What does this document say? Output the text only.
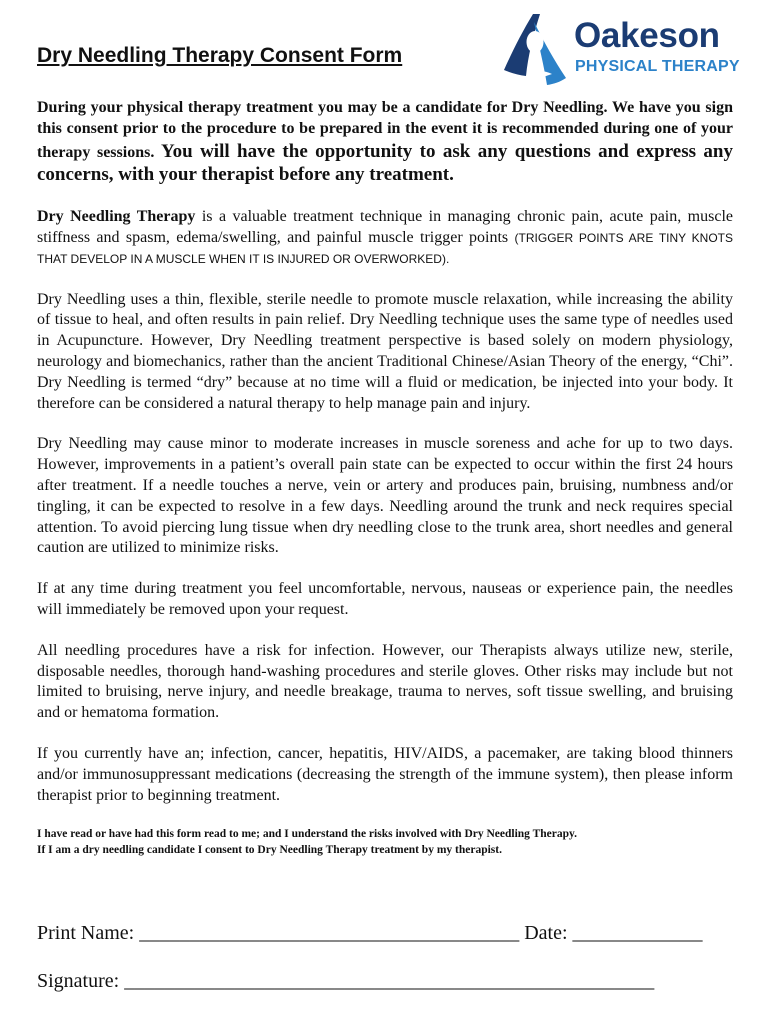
Dry Needling Therapy Consent Form
Oakeson
PHYSICAL THERAPY

During your physical therapy treatment you may be a candidate for Dry Needling. We have you sign this consent prior to the procedure to be prepared in the event it is recommended during one of your therapy sessions. You will have the opportunity to ask any questions and express any concerns, with your therapist before any treatment.

Dry Needling Therapy is a valuable treatment technique in managing chronic pain, acute pain, muscle stiffness and spasm, edema/swelling, and painful muscle trigger points (TRIGGER POINTS ARE TINY KNOTS THAT DEVELOP IN A MUSCLE WHEN IT IS INJURED OR OVERWORKED).

Dry Needling uses a thin, flexible, sterile needle to promote muscle relaxation, while increasing the ability of tissue to heal, and often results in pain relief. Dry Needling technique uses the same type of needles used in Acupuncture. However, Dry Needling treatment perspective is based solely on modern physiology, neurology and biomechanics, rather than the ancient Traditional Chinese/Asian Theory of the energy, “Chi”. Dry Needling is termed “dry” because at no time will a fluid or medication, be injected into your body. It therefore can be considered a natural therapy to help manage pain and injury.

Dry Needling may cause minor to moderate increases in muscle soreness and ache for up to two days. However, improvements in a patient’s overall pain state can be expected to occur within the first 24 hours after treatment. If a needle touches a nerve, vein or artery and produces pain, bruising, numbness and/or tingling, it can be expected to resolve in a few days. Needling around the trunk and neck requires special attention. To avoid piercing lung tissue when dry needling close to the trunk area, short needles and general caution are utilized to minimize risks.

If at any time during treatment you feel uncomfortable, nervous, nauseas or experience pain, the needles will immediately be removed upon your request.

All needling procedures have a risk for infection. However, our Therapists always utilize new, sterile, disposable needles, thorough hand-washing procedures and sterile gloves. Other risks may include but not limited to bruising, nerve injury, and needle breakage, trauma to nerves, soft tissue swelling, and bruising and or hematoma formation.

If you currently have an; infection, cancer, hepatitis, HIV/AIDS, a pacemaker, are taking blood thinners and/or immunosuppressant medications (decreasing the strength of the immune system), then please inform therapist prior to beginning treatment.

I have read or have had this form read to me; and I understand the risks involved with Dry Needling Therapy.
If I am a dry needling candidate I consent to Dry Needling Therapy treatment by my therapist.

Print Name: ______________________________________ Date: _____________
Signature: _____________________________________________________
